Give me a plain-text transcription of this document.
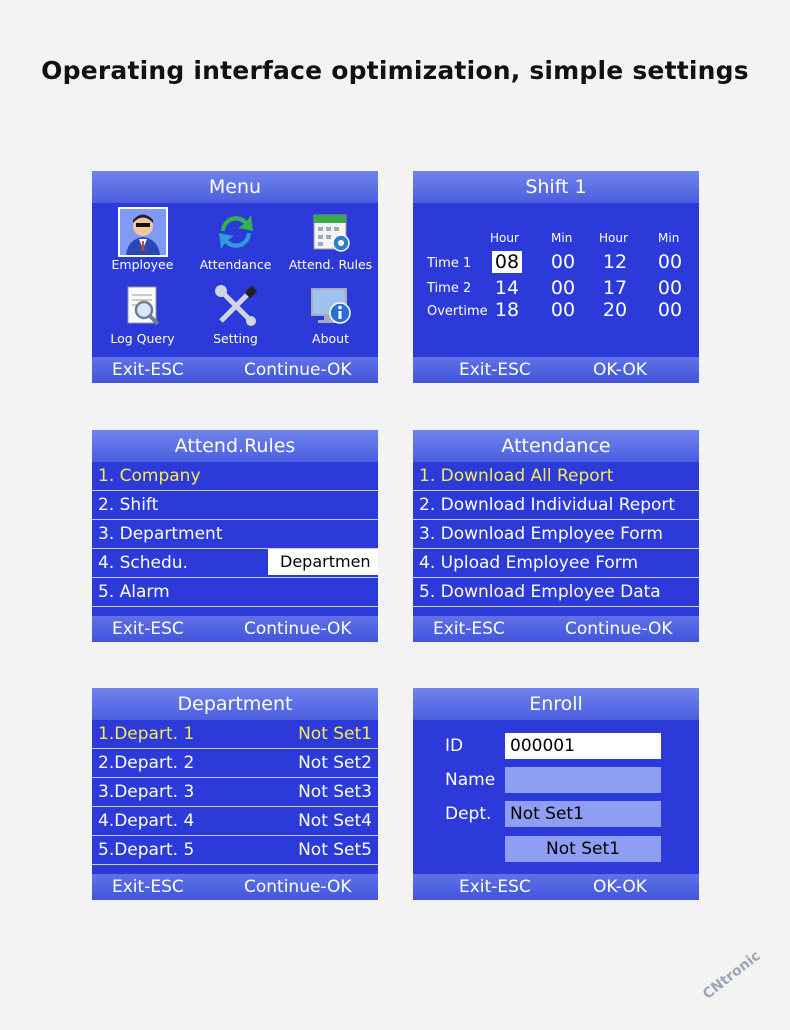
Operating interface optimization, simple settings
Menu
Employee	Attendance	Attend. Rules
Log Query	Setting	About
Exit-ESC	Continue-OK
Shift 1
Hour	Min Hour	Min
Time 1 08 00 12 00
Time 2 14 00 17 00
Overtime 18 00 20 00
Exit-ESC	OK-OK
Attend.Rules
1. Company
2. Shift
3. Department
4. Schedu.	Departmen
5. Alarm
Exit-ESC	Continue-OK
Attendance
1. Download All Report
2. Download Individual Report
3. Download Employee Form
4. Upload Employee Form
5. Download Employee Data
Exit-ESC	Continue-OK
Department
1.Depart. 1	Not Set1
2.Depart. 2	Not Set2
3.Depart. 3	Not Set3
4.Depart. 4	Not Set4
5.Depart. 5	Not Set5
Exit-ESC	Continue-OK
Enroll
ID	000001
Name
Dept. Not Set1
Not Set1
Exit-ESC	OK-OK
CNtronic
